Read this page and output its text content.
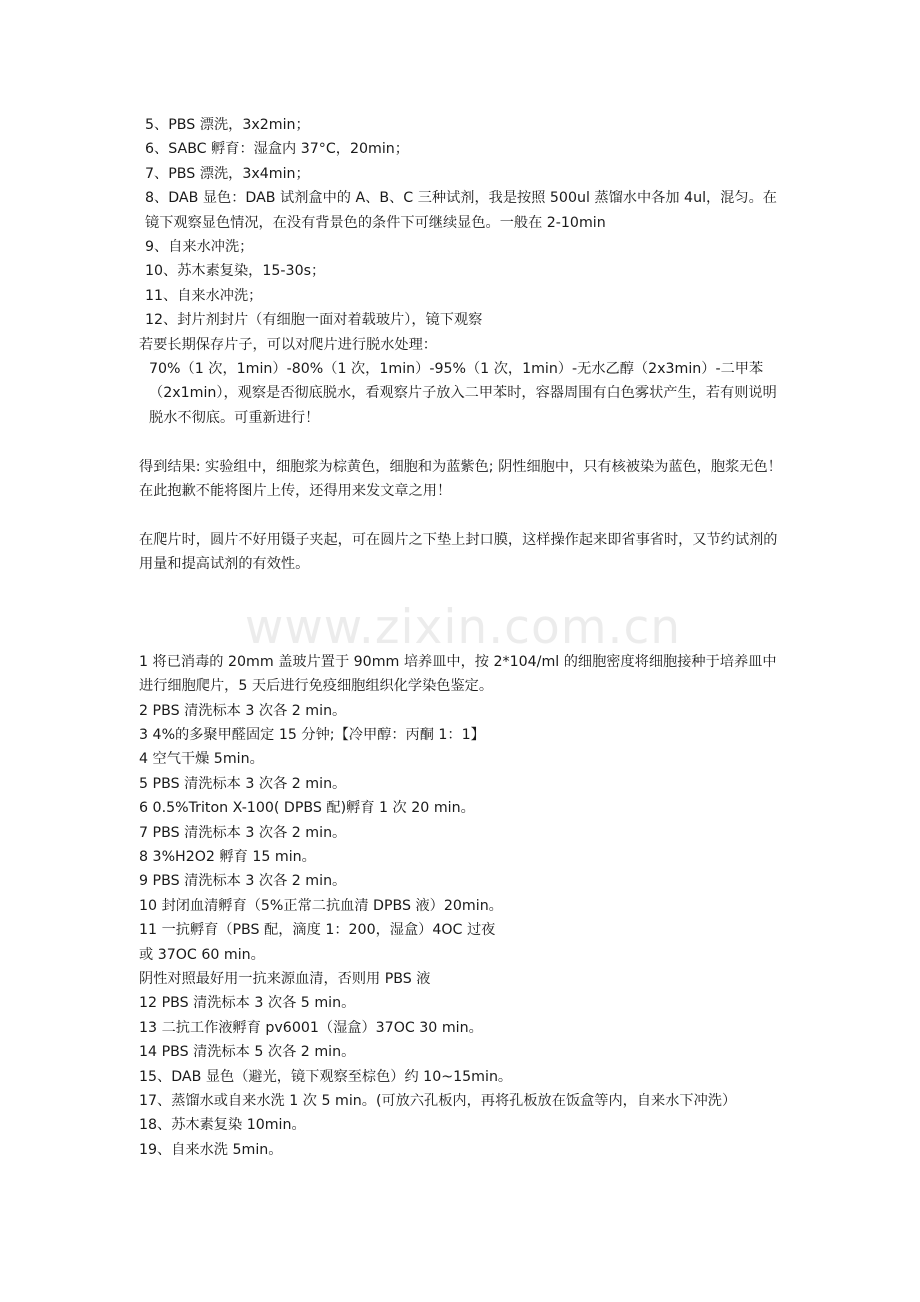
www.zixin.com.cn

5、PBS 漂洗，3x2min；

6、SABC 孵育：湿盒内 37°C，20min；

7、PBS 漂洗，3x4min；

8、DAB 显色：DAB 试剂盒中的 A、B、C 三种试剂，我是按照 500ul 蒸馏水中各加 4ul，混匀。在镜下观察显色情况，在没有背景色的条件下可继续显色。一般在 2-10min

9、自来水冲洗；

10、苏木素复染，15-30s；

11、自来水冲洗；

12、封片剂封片（有细胞一面对着载玻片），镜下观察

若要长期保存片子，可以对爬片进行脱水处理：

70%（1 次，1min）-80%（1 次，1min）-95%（1 次，1min）-无水乙醇（2x3min）-二甲苯（2x1min），观察是否彻底脱水，看观察片子放入二甲苯时，容器周围有白色雾状产生，若有则说明脱水不彻底。可重新进行！

得到结果: 实验组中，细胞浆为棕黄色，细胞和为蓝紫色; 阴性细胞中，只有核被染为蓝色，胞浆无色！在此抱歉不能将图片上传，还得用来发文章之用！

在爬片时，圆片不好用镊子夹起，可在圆片之下垫上封口膜，这样操作起来即省事省时，又节约试剂的用量和提高试剂的有效性。

1 将已消毒的 20mm 盖玻片置于 90mm 培养皿中，按 2*104/ml 的细胞密度将细胞接种于培养皿中进行细胞爬片，5 天后进行免疫细胞组织化学染色鉴定。

2 PBS 清洗标本 3 次各 2 min。

3 4%的多聚甲醛固定 15 分钟;【冷甲醇：丙酮 1：1】

4 空气干燥 5min。

5 PBS 清洗标本 3 次各 2 min。

6 0.5%Triton X-100( DPBS 配)孵育 1 次 20 min。

7 PBS 清洗标本 3 次各 2 min。

8 3%H2O2 孵育 15 min。

9 PBS 清洗标本 3 次各 2 min。

10 封闭血清孵育（5%正常二抗血清 DPBS 液）20min。

11 一抗孵育（PBS 配，滴度 1：200，湿盒）4OC 过夜

或 37OC 60 min。

阴性对照最好用一抗来源血清，否则用 PBS 液

12 PBS 清洗标本 3 次各 5 min。

13 二抗工作液孵育 pv6001（湿盒）37OC 30 min。

14 PBS 清洗标本 5 次各 2 min。

15、DAB 显色（避光，镜下观察至棕色）约 10~15min。

17、蒸馏水或自来水洗 1 次 5 min。(可放六孔板内，再将孔板放在饭盒等内，自来水下冲洗）

18、苏木素复染 10min。

19、自来水洗 5min。
